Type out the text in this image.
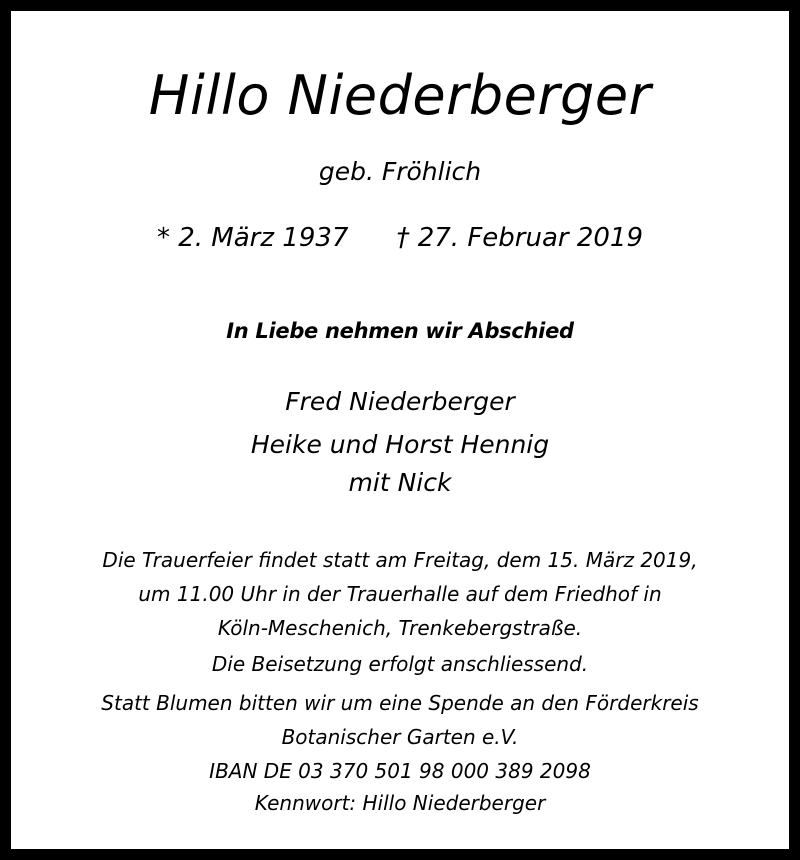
Hillo Niederberger
geb. Fröhlich
* 2. März 1937 † 27. Februar 2019
In Liebe nehmen wir Abschied
Fred Niederberger
Heike und Horst Hennig
mit Nick
Die Trauerfeier findet statt am Freitag, dem 15. März 2019,
um 11.00 Uhr in der Trauerhalle auf dem Friedhof in
Köln-Meschenich, Trenkebergstraße.
Die Beisetzung erfolgt anschliessend.
Statt Blumen bitten wir um eine Spende an den Förderkreis
Botanischer Garten e.V.
IBAN DE 03 370 501 98 000 389 2098
Kennwort: Hillo Niederberger
